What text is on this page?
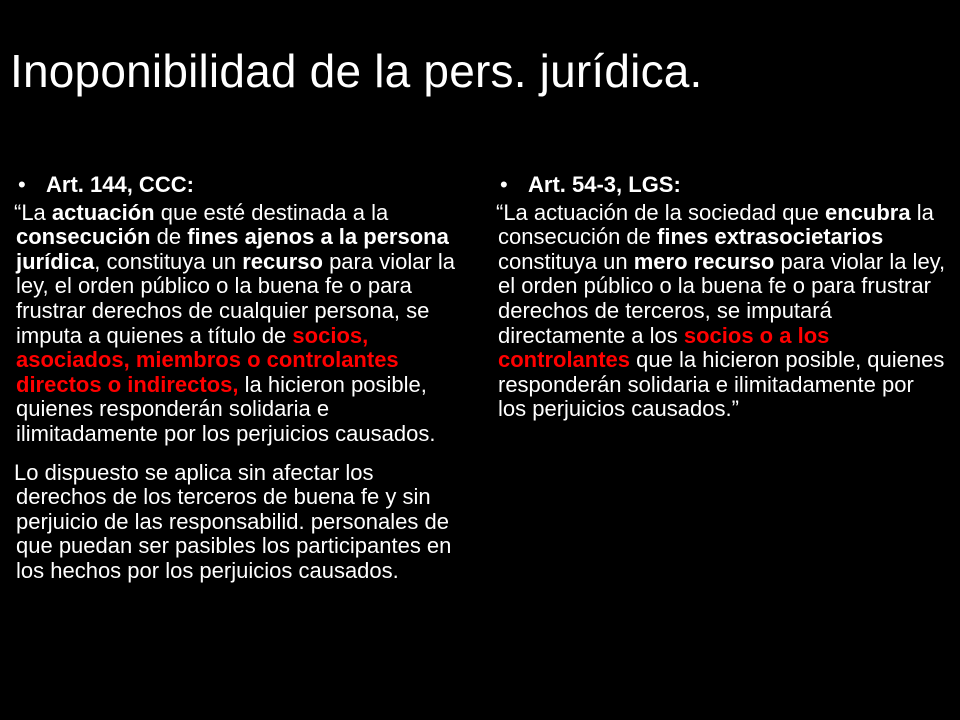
Inoponibilidad de la pers. jurídica.
• Art. 144, CCC:

“La actuación que esté destinada a la consecución de fines ajenos a la persona jurídica, constituya un recurso para violar la ley, el orden público o la buena fe o para frustrar derechos de cualquier persona, se imputa a quienes a título de socios, asociados, miembros o controlantes directos o indirectos, la hicieron posible, quienes responderán solidaria e ilimitadamente por los perjuicios causados.

Lo dispuesto se aplica sin afectar los derechos de los terceros de buena fe y sin perjuicio de las responsabilid. personales de que puedan ser pasibles los participantes en los hechos por los perjuicios causados.

• Art. 54-3, LGS:

“La actuación de la sociedad que encubra la consecución de fines extrasocietarios constituya un mero recurso para violar la ley, el orden público o la buena fe o para frustrar derechos de terceros, se imputará directamente a los socios o a los controlantes que la hicieron posible, quienes responderán solidaria e ilimitadamente por los perjuicios causados.”
